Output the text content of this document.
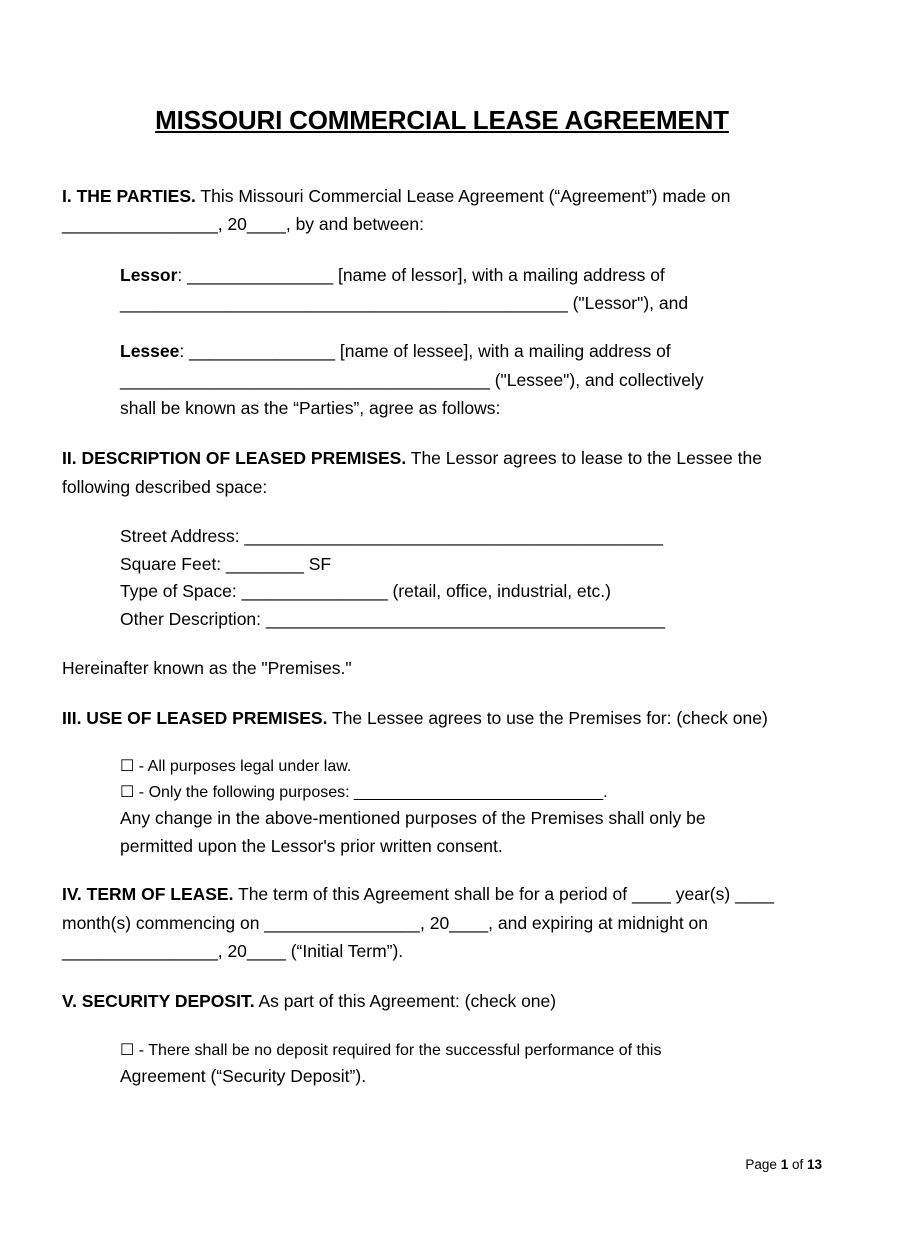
MISSOURI COMMERCIAL LEASE AGREEMENT

I. THE PARTIES. This Missouri Commercial Lease Agreement (“Agreement”) made on ________________, 20____, by and between:

Lessor: _______________ [name of lessor], with a mailing address of
______________________________________________ ("Lessor"), and

Lessee: _______________ [name of lessee], with a mailing address of
______________________________________ ("Lessee"), and collectively
shall be known as the “Parties”, agree as follows:

II. DESCRIPTION OF LEASED PREMISES. The Lessor agrees to lease to the Lessee the following described space:

Street Address: ___________________________________________
Square Feet: ________ SF
Type of Space: _______________ (retail, office, industrial, etc.)
Other Description: _________________________________________

Hereinafter known as the "Premises."

III. USE OF LEASED PREMISES. The Lessee agrees to use the Premises for: (check one)

☐ - All purposes legal under law.
☐ - Only the following purposes: ____________________________.
Any change in the above-mentioned purposes of the Premises shall only be
permitted upon the Lessor's prior written consent.

IV. TERM OF LEASE. The term of this Agreement shall be for a period of ____ year(s) ____ month(s) commencing on ________________, 20____, and expiring at midnight on ________________, 20____ (“Initial Term”).

V. SECURITY DEPOSIT. As part of this Agreement: (check one)

☐ - There shall be no deposit required for the successful performance of this
Agreement (“Security Deposit”).
Page 1 of 13
